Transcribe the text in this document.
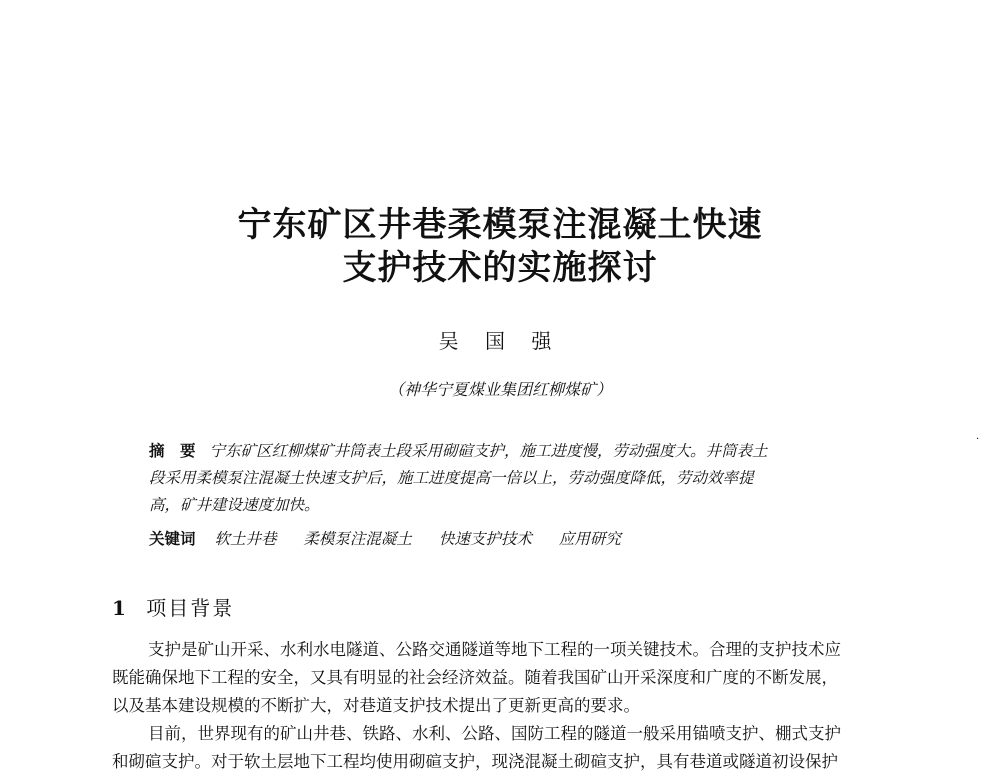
宁东矿区井巷柔模泵注混凝土快速
支护技术的实施探讨
吴 国 强
（神华宁夏煤业集团红柳煤矿）
·
摘　要 宁东矿区红柳煤矿井筒表土段采用砌碹支护，施工进度慢，劳动强度大。井筒表土
段采用柔模泵注混凝土快速支护后，施工进度提高一倍以上，劳动强度降低，劳动效率提
高，矿井建设速度加快。
关键词 软土井巷 柔模泵注混凝土 快速支护技术 应用研究
1 项目背景
支护是矿山开采、水利水电隧道、公路交通隧道等地下工程的一项关键技术。合理的支护技术应
既能确保地下工程的安全，又具有明显的社会经济效益。随着我国矿山开采深度和广度的不断发展，
以及基本建设规模的不断扩大，对巷道支护技术提出了更新更高的要求。
目前，世界现有的矿山井巷、铁路、水利、公路、国防工程的隧道一般采用锚喷支护、棚式支护
和砌碹支护。对于软土层地下工程均使用砌碹支护，现浇混凝土砌碹支护，具有巷道或隧道初设保护
